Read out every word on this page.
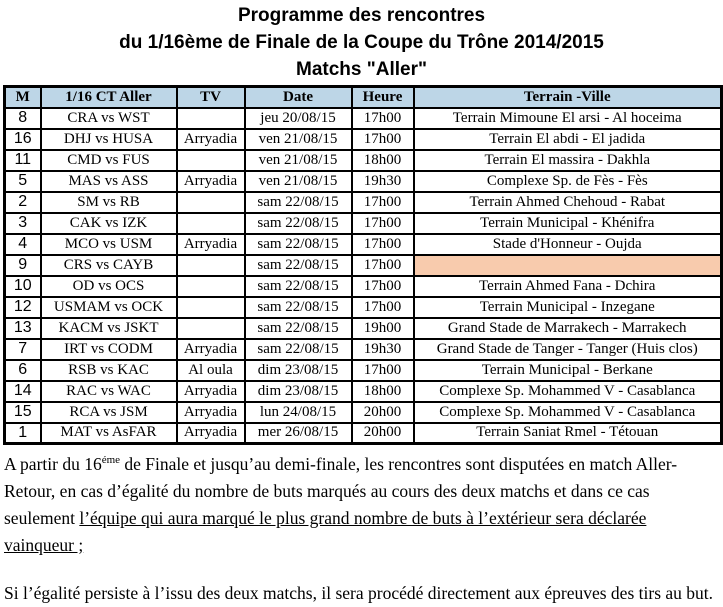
Programme des rencontres
du 1/16ème de Finale de la Coupe du Trône 2014/2015
Matchs "Aller"
M	1/16 CT Aller	TV	Date	Heure	Terrain -Ville
8	CRA vs WST		jeu 20/08/15	17h00	Terrain Mimoune El arsi - Al hoceima
16	DHJ vs HUSA	Arryadia	ven 21/08/15	17h00	Terrain El abdi - El jadida
11	CMD vs FUS		ven 21/08/15	18h00	Terrain El massira - Dakhla
5	MAS vs ASS	Arryadia	ven 21/08/15	19h30	Complexe Sp. de Fès - Fès
2	SM vs RB		sam 22/08/15	17h00	Terrain Ahmed Chehoud - Rabat
3	CAK vs IZK		sam 22/08/15	17h00	Terrain Municipal - Khénifra
4	MCO vs USM	Arryadia	sam 22/08/15	17h00	Stade d'Honneur - Oujda
9	CRS vs CAYB		sam 22/08/15	17h00	
10	OD vs OCS		sam 22/08/15	17h00	Terrain Ahmed Fana - Dchira
12	USMAM vs OCK		sam 22/08/15	17h00	Terrain Municipal - Inzegane
13	KACM vs JSKT		sam 22/08/15	19h00	Grand Stade de Marrakech - Marrakech
7	IRT vs CODM	Arryadia	sam 22/08/15	19h30	Grand Stade de Tanger - Tanger (Huis clos)
6	RSB vs KAC	Al oula	dim 23/08/15	17h00	Terrain Municipal - Berkane
14	RAC vs WAC	Arryadia	dim 23/08/15	18h00	Complexe Sp. Mohammed V - Casablanca
15	RCA vs JSM	Arryadia	lun 24/08/15	20h00	Complexe Sp. Mohammed V - Casablanca
1	MAT vs AsFAR	Arryadia	mer 26/08/15	20h00	Terrain Saniat Rmel - Tétouan

A partir du $16^{éme}$ de Finale et jusqu’au demi-finale, les rencontres sont disputées en match Aller-Retour, en cas d’égalité du nombre de buts marqués au cours des deux matchs et dans ce cas seulement l’équipe qui aura marqué le plus grand nombre de buts à l’extérieur sera déclarée vainqueur ;

Si l’égalité persiste à l’issu des deux matchs, il sera procédé directement aux épreuves des tirs au but.
